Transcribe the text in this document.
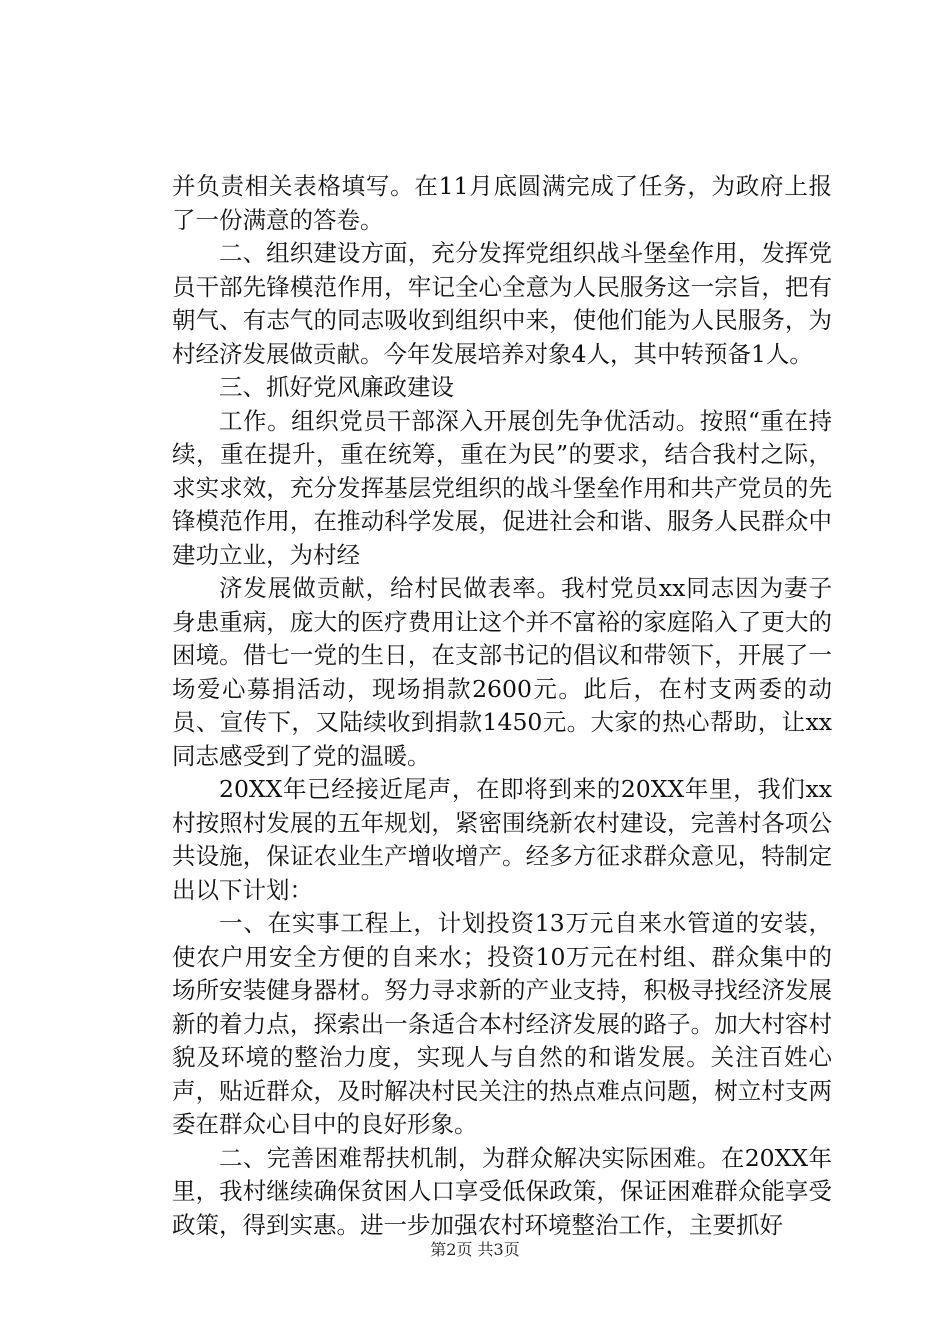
并负责相关表格填写。在11月底圆满完成了任务，为政府上报了一份满意的答卷。

二、组织建设方面，充分发挥党组织战斗堡垒作用，发挥党员干部先锋模范作用，牢记全心全意为人民服务这一宗旨，把有朝气、有志气的同志吸收到组织中来，使他们能为人民服务，为村经济发展做贡献。今年发展培养对象4人，其中转预备1人。

三、抓好党风廉政建设

工作。组织党员干部深入开展创先争优活动。按照“重在持续，重在提升，重在统筹，重在为民”的要求，结合我村之际，求实求效，充分发挥基层党组织的战斗堡垒作用和共产党员的先锋模范作用，在推动科学发展，促进社会和谐、服务人民群众中建功立业，为村经

济发展做贡献，给村民做表率。我村党员xx同志因为妻子身患重病，庞大的医疗费用让这个并不富裕的家庭陷入了更大的困境。借七一党的生日，在支部书记的倡议和带领下，开展了一场爱心募捐活动，现场捐款2600元。此后，在村支两委的动员、宣传下，又陆续收到捐款1450元。大家的热心帮助，让xx同志感受到了党的温暖。

20XX年已经接近尾声，在即将到来的20XX年里，我们xx村按照村发展的五年规划，紧密围绕新农村建设，完善村各项公共设施，保证农业生产增收增产。经多方征求群众意见，特制定出以下计划：

一、在实事工程上，计划投资13万元自来水管道的安装，使农户用安全方便的自来水；投资10万元在村组、群众集中的场所安装健身器材。努力寻求新的产业支持，积极寻找经济发展新的着力点，探索出一条适合本村经济发展的路子。加大村容村貌及环境的整治力度，实现人与自然的和谐发展。关注百姓心声，贴近群众，及时解决村民关注的热点难点问题，树立村支两委在群众心目中的良好形象。

二、完善困难帮扶机制，为群众解决实际困难。在20XX年里，我村继续确保贫困人口享受低保政策，保证困难群众能享受政策，得到实惠。进一步加强农村环境整治工作，主要抓好

第2页 共3页
